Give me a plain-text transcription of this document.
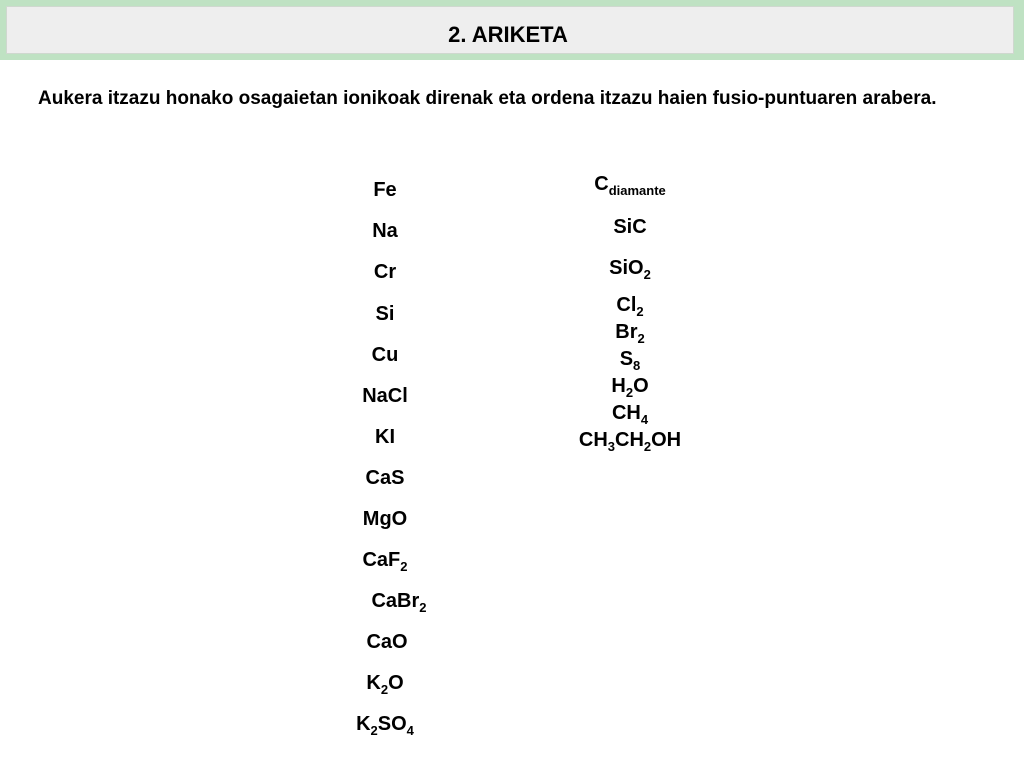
2. ARIKETA
Aukera itzazu honako osagaietan ionikoak direnak eta ordena itzazu haien fusio-puntuaren arabera.
Fe
Na
Cr
Si
Cu
NaCl
KI
CaS
MgO
CaF$_2$
CaBr$_2$
CaO
$K_2O$
$K_2SO_4$
$C_{diamante}$
SiC
SiO$_2$
$Cl_2$
$Br_2$
$S_8$
$H_2O$
$CH_4$
$CH_3CH_2OH$
